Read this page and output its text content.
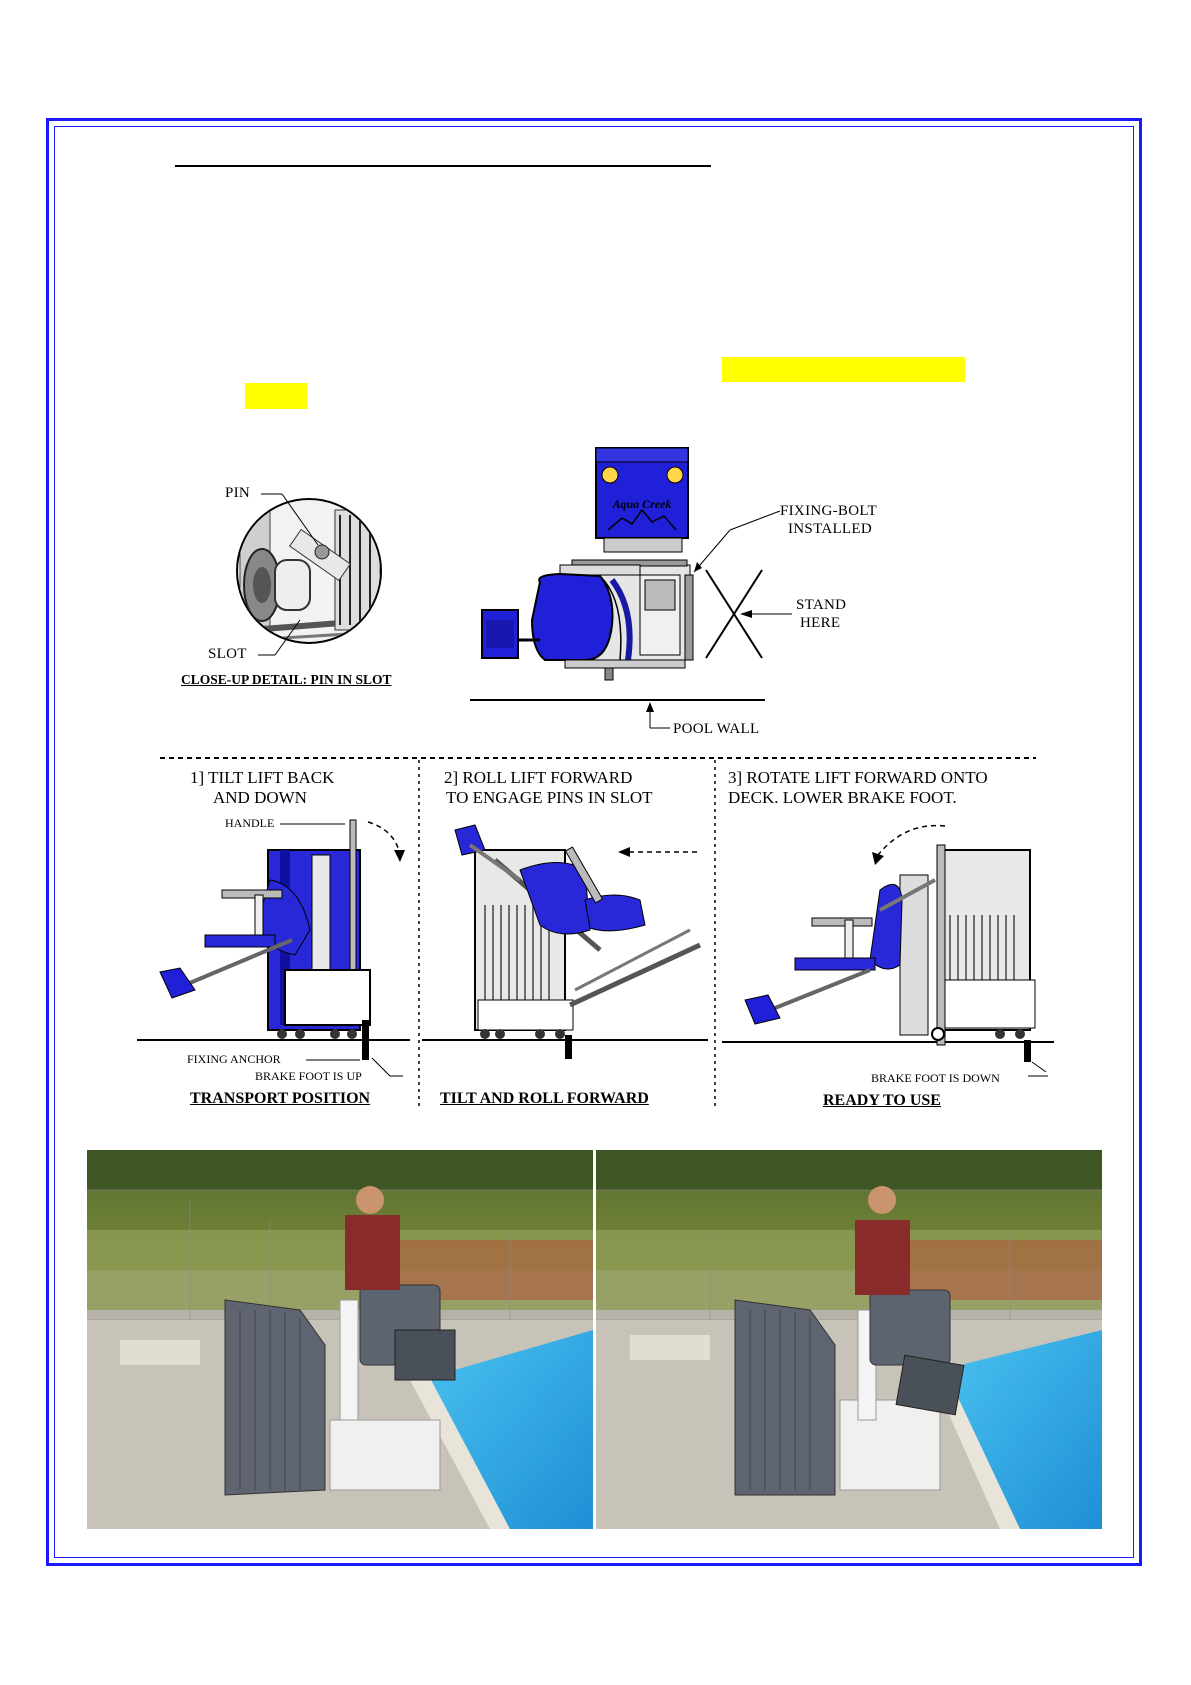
PIN
SLOT
CLOSE-UP DETAIL: PIN IN SLOT
Aqua Creek	FIXING-BOLT
INSTALLED
STAND
HERE
POOL WALL
1] TILT LIFT BACK
AND DOWN
2] ROLL LIFT FORWARD
TO ENGAGE PINS IN SLOT
3] ROTATE LIFT FORWARD ONTO
DECK. LOWER BRAKE FOOT.
HANDLE
FIXING ANCHOR
BRAKE FOOT IS UP	BRAKE FOOT IS DOWN
TRANSPORT POSITION	TILT AND ROLL FORWARD	READY TO USE
